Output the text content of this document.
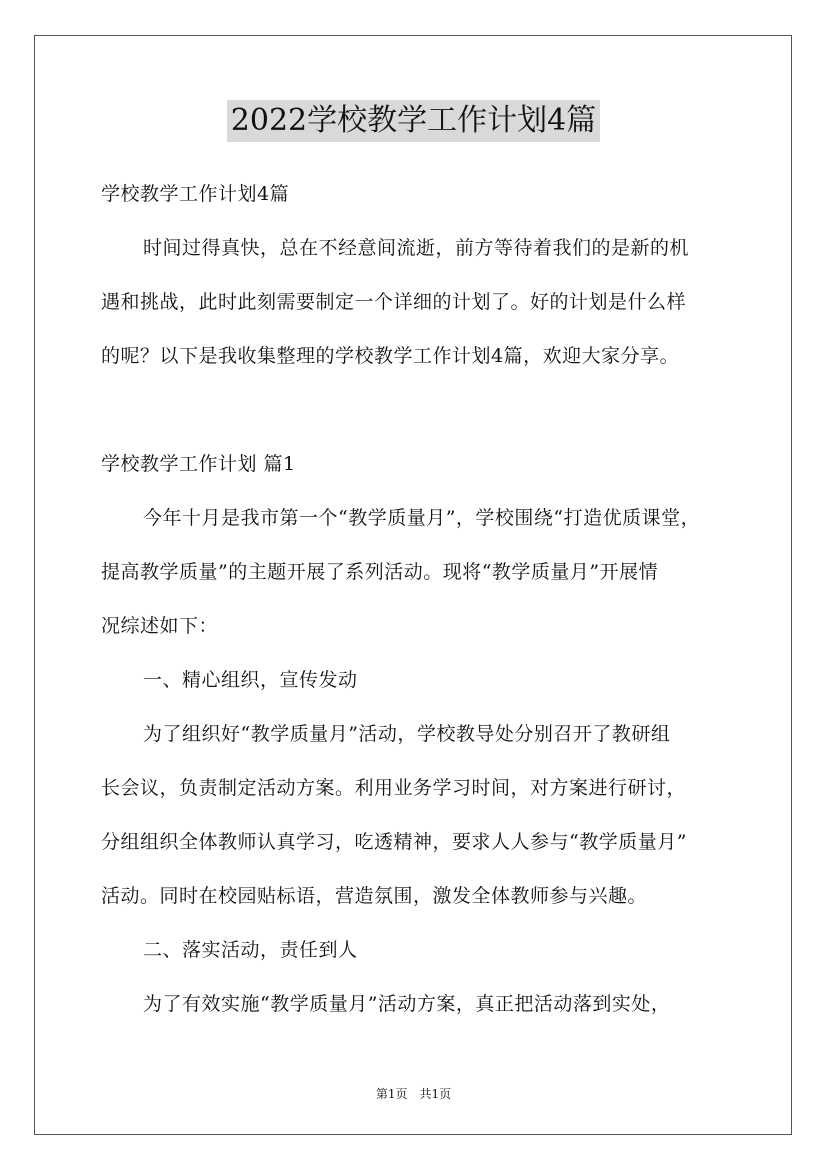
2022学校教学工作计划4篇
学校教学工作计划4篇
时间过得真快，总在不经意间流逝，前方等待着我们的是新的机
遇和挑战，此时此刻需要制定一个详细的计划了。好的计划是什么样
的呢？以下是我收集整理的学校教学工作计划4篇，欢迎大家分享。
学校教学工作计划 篇1
今年十月是我市第一个“教学质量月”，学校围绕“打造优质课堂，
提高教学质量”的主题开展了系列活动。现将“教学质量月”开展情
况综述如下：
一、精心组织，宣传发动
为了组织好“教学质量月”活动，学校教导处分别召开了教研组
长会议，负责制定活动方案。利用业务学习时间，对方案进行研讨，
分组组织全体教师认真学习，吃透精神，要求人人参与“教学质量月”
活动。同时在校园贴标语，营造氛围，激发全体教师参与兴趣。
二、落实活动，责任到人
为了有效实施“教学质量月”活动方案，真正把活动落到实处，
第1页　共1页
